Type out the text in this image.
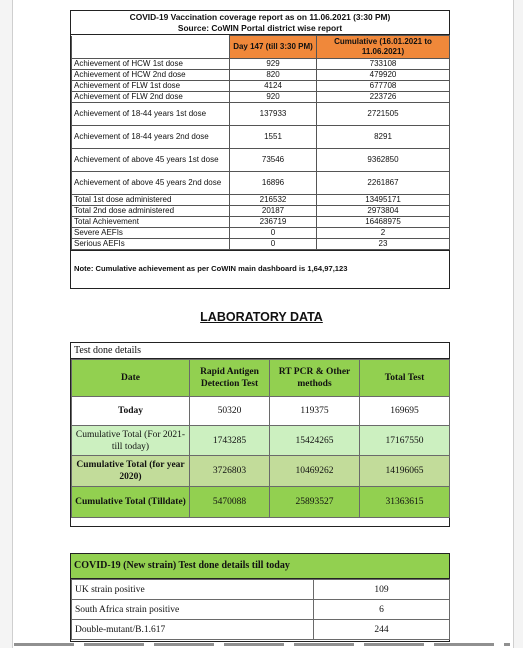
COVID-19 Vaccination coverage report as on 11.06.2021 (3:30 PM)
Source: CoWIN Portal district wise report
	Day 147 (till 3:30 PM)	Cumulative (16.01.2021 to 11.06.2021)
Achievement of HCW 1st dose	929	733108
Achievement of HCW 2nd dose	820	479920
Achievement of FLW 1st dose	4124	677708
Achievement of FLW 2nd dose	920	223726
Achievement of 18-44 years 1st dose	137933	2721505
Achievement of 18-44 years 2nd dose	1551	8291
Achievement of above 45 years 1st dose	73546	9362850
Achievement of above 45 years 2nd dose	16896	2261867
Total 1st dose administered	216532	13495171
Total 2nd dose administered	20187	2973804
Total Achievement	236719	16468975
Severe AEFIs	0	2
Serious AEFIs	0	23
Note: Cumulative achievement as per CoWIN main dashboard is 1,64,97,123
LABORATORY DATA
Test done details
Date	Rapid Antigen Detection Test	RT PCR & Other methods	Total Test
Today	50320	119375	169695
Cumulative Total (For 2021- till today)	1743285	15424265	17167550
Cumulative Total (for year 2020)	3726803	10469262	14196065
Cumulative Total (Tilldate)	5470088	25893527	31363615
COVID-19 (New strain) Test done details till today
UK strain positive	109
South Africa strain positive	6
Double-mutant/B.1.617	244
